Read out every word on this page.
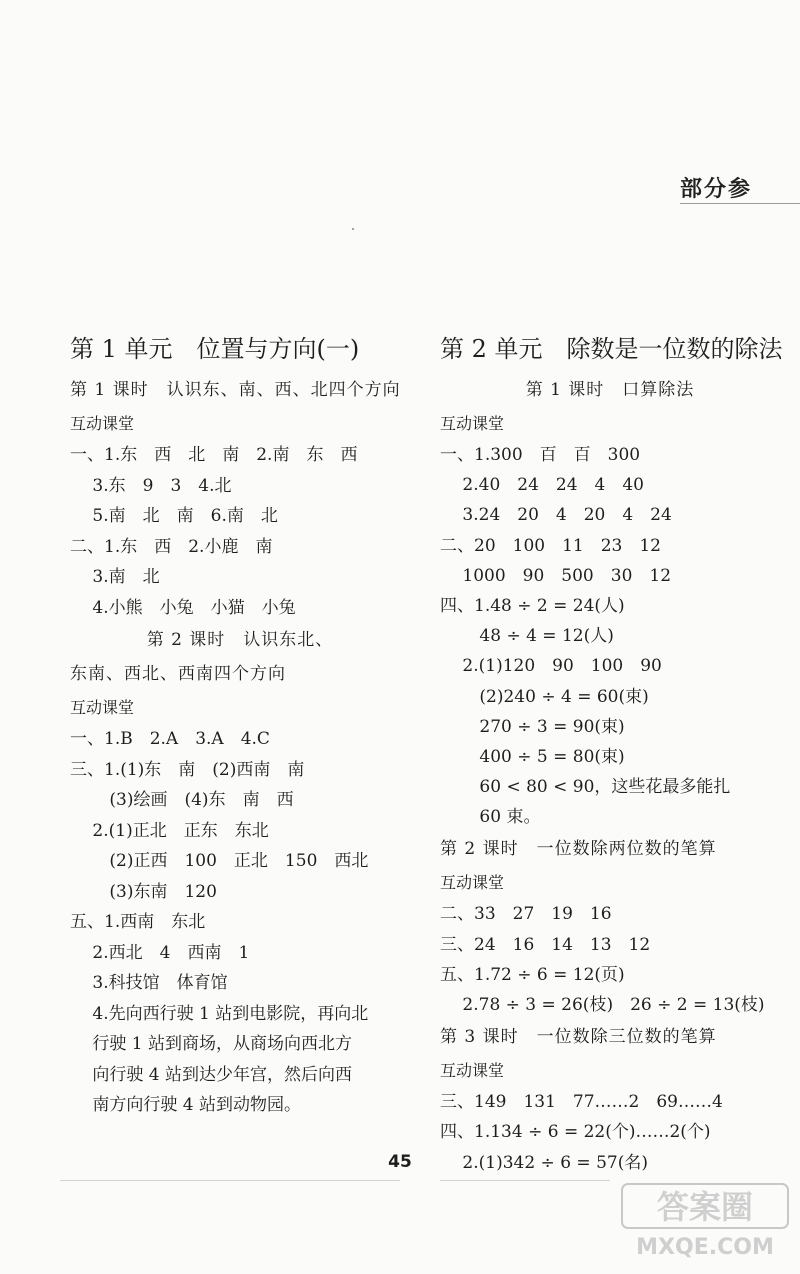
部分参
第 1 单元　位置与方向(一)
第 1 课时　认识东、南、西、北四个方向
互动课堂
一、1.东　西　北　南　2.南　东　西
　 3.东　9　3　4.北
　 5.南　北　南　6.南　北
二、1.东　西　2.小鹿　南
　 3.南　北
　 4.小熊　小兔　小猫　小兔
第 2 课时　认识东北、
东南、西北、西南四个方向
互动课堂
一、1.B　2.A　3.A　4.C
三、1.(1)东　南　(2)西南　南
　　 (3)绘画　(4)东　南　西
　 2.(1)正北　正东　东北
　　 (2)正西　100　正北　150　西北
　　 (3)东南　120
五、1.西南　东北
　 2.西北　4　西南　1
　 3.科技馆　体育馆
　 4.先向西行驶 1 站到电影院，再向北
　 行驶 1 站到商场，从商场向西北方
　 向行驶 4 站到达少年宫，然后向西
　 南方向行驶 4 站到动物园。
第 2 单元　除数是一位数的除法
第 1 课时　口算除法
互动课堂
一、1.300　百　百　300
　 2.40　24　24　4　40
　 3.24　20　4　20　4　24
二、20　100　11　23　12
　 1000　90　500　30　12
四、1.48 ÷ 2 = 24(人)
　　 48 ÷ 4 = 12(人)
　 2.(1)120　90　100　90
　　 (2)240 ÷ 4 = 60(束)
　　 270 ÷ 3 = 90(束)
　　 400 ÷ 5 = 80(束)
　　 60 < 80 < 90，这些花最多能扎
　　 60 束。
第 2 课时　一位数除两位数的笔算
互动课堂
二、33　27　19　16
三、24　16　14　13　12
五、1.72 ÷ 6 = 12(页)
　 2.78 ÷ 3 = 26(枝)　26 ÷ 2 = 13(枝)
第 3 课时　一位数除三位数的笔算
互动课堂
三、149　131　77……2　69……4
四、1.134 ÷ 6 = 22(个)……2(个)
　 2.(1)342 ÷ 6 = 57(名)
45
答案圈
MXQE.COM
